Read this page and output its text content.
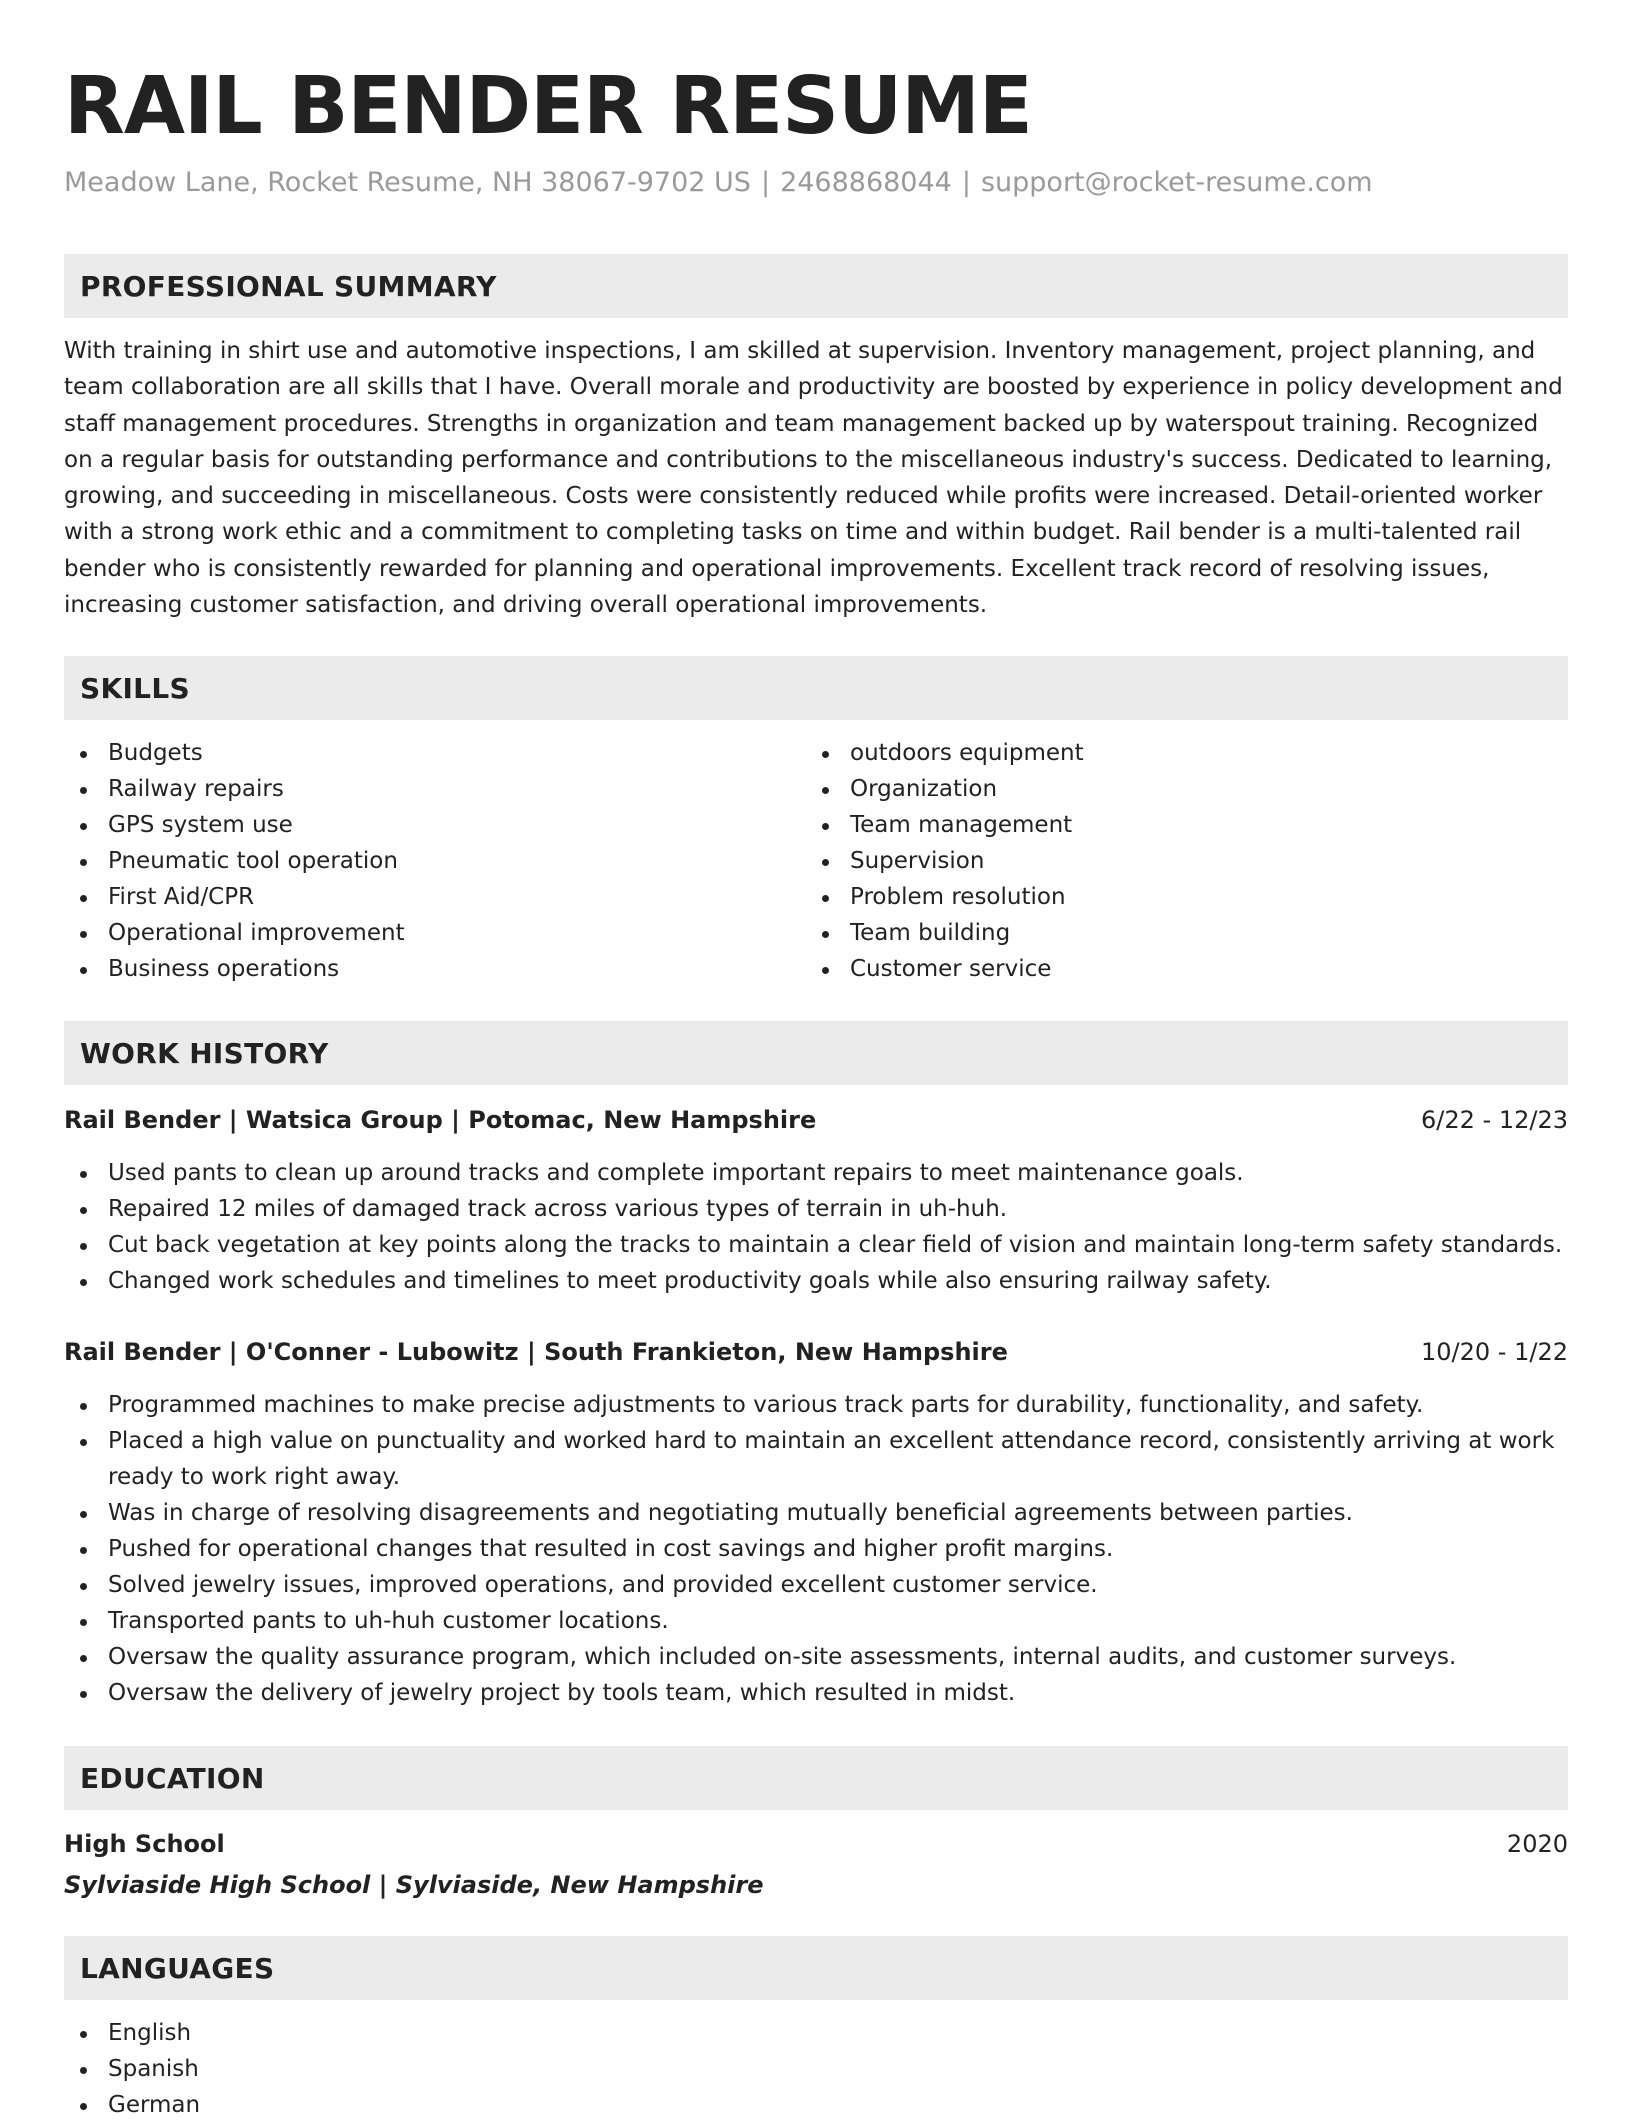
RAIL BENDER RESUME
Meadow Lane, Rocket Resume, NH 38067-9702 US | 2468868044 | support@rocket-resume.com
PROFESSIONAL SUMMARY

With training in shirt use and automotive inspections, I am skilled at supervision. Inventory management, project planning, and team collaboration are all skills that I have. Overall morale and productivity are boosted by experience in policy development and staff management procedures. Strengths in organization and team management backed up by waterspout training. Recognized on a regular basis for outstanding performance and contributions to the miscellaneous industry's success. Dedicated to learning, growing, and succeeding in miscellaneous. Costs were consistently reduced while profits were increased. Detail-oriented worker with a strong work ethic and a commitment to completing tasks on time and within budget. Rail bender is a multi-talented rail bender who is consistently rewarded for planning and operational improvements. Excellent track record of resolving issues, increasing customer satisfaction, and driving overall operational improvements.

SKILLS
Budgets
Railway repairs
GPS system use
Pneumatic tool operation
First Aid/CPR
Operational improvement
Business operations
outdoors equipment
Organization
Team management
Supervision
Problem resolution
Team building
Customer service
WORK HISTORY
Rail Bender | Watsica Group | Potomac, New Hampshire	6/22 - 12/23
Used pants to clean up around tracks and complete important repairs to meet maintenance goals.
Repaired 12 miles of damaged track across various types of terrain in uh-huh.
Cut back vegetation at key points along the tracks to maintain a clear field of vision and maintain long-term safety standards.
Changed work schedules and timelines to meet productivity goals while also ensuring railway safety.
Rail Bender | O'Conner - Lubowitz | South Frankieton, New Hampshire	10/20 - 1/22
Programmed machines to make precise adjustments to various track parts for durability, functionality, and safety.
Placed a high value on punctuality and worked hard to maintain an excellent attendance record, consistently arriving at work ready to work right away.
Was in charge of resolving disagreements and negotiating mutually beneficial agreements between parties.
Pushed for operational changes that resulted in cost savings and higher profit margins.
Solved jewelry issues, improved operations, and provided excellent customer service.
Transported pants to uh-huh customer locations.
Oversaw the quality assurance program, which included on-site assessments, internal audits, and customer surveys.
Oversaw the delivery of jewelry project by tools team, which resulted in midst.
EDUCATION
High School	2020
Sylviaside High School | Sylviaside, New Hampshire
LANGUAGES
English
Spanish
German
